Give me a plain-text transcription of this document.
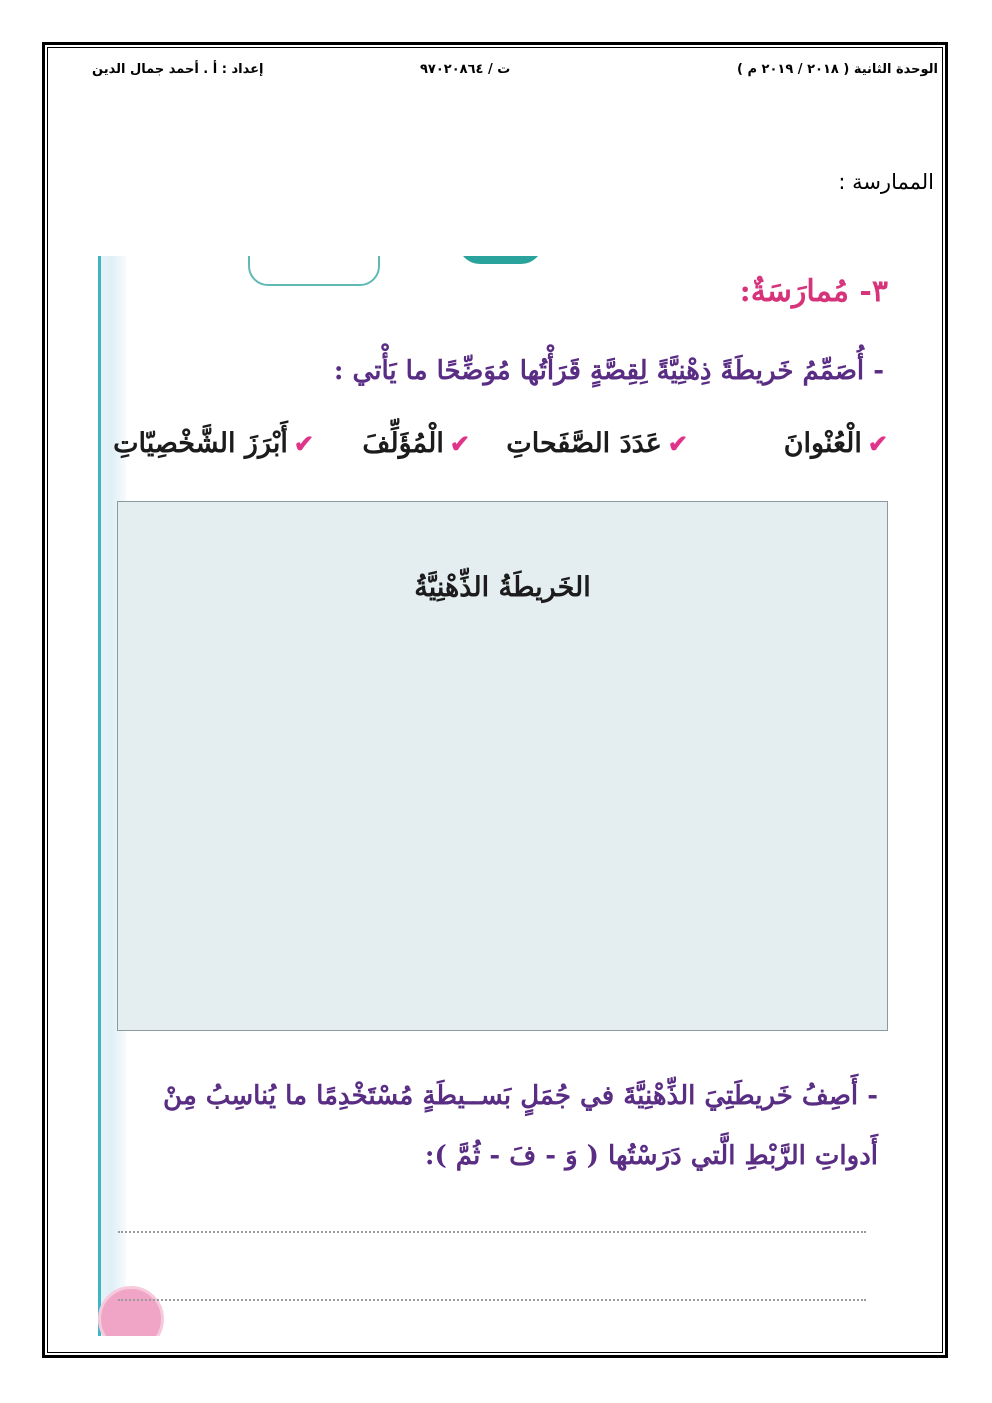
الوحدة الثانية ( ٢٠١٨ / ٢٠١٩ م )
ت / ٩٧٠٢٠٨٦٤
إعداد : أ . أحمد جمال الدين
الممارسة :
٣- مُمارَسَةٌ:
- أُصَمِّمُ خَريطَةً ذِهْنِيَّةً لِقِصَّةٍ قَرَأْتُها مُوَضِّحًا ما يَأْتي :
✔الْعُنْوانَ
✔عَدَدَ الصَّفَحاتِ
✔الْمُؤَلِّفَ
✔أَبْرَزَ الشَّخْصِيّاتِ
الخَريطَةُ الذِّهْنِيَّةُ
- أَصِفُ خَريطَتِيَ الذِّهْنِيَّةَ في جُمَلٍ بَســيطَةٍ مُسْتَخْدِمًا ما يُناسِبُ مِنْ أَدواتِ الرَّبْطِ الَّتي دَرَسْتُها ( وَ - فَ - ثُمَّ ):
